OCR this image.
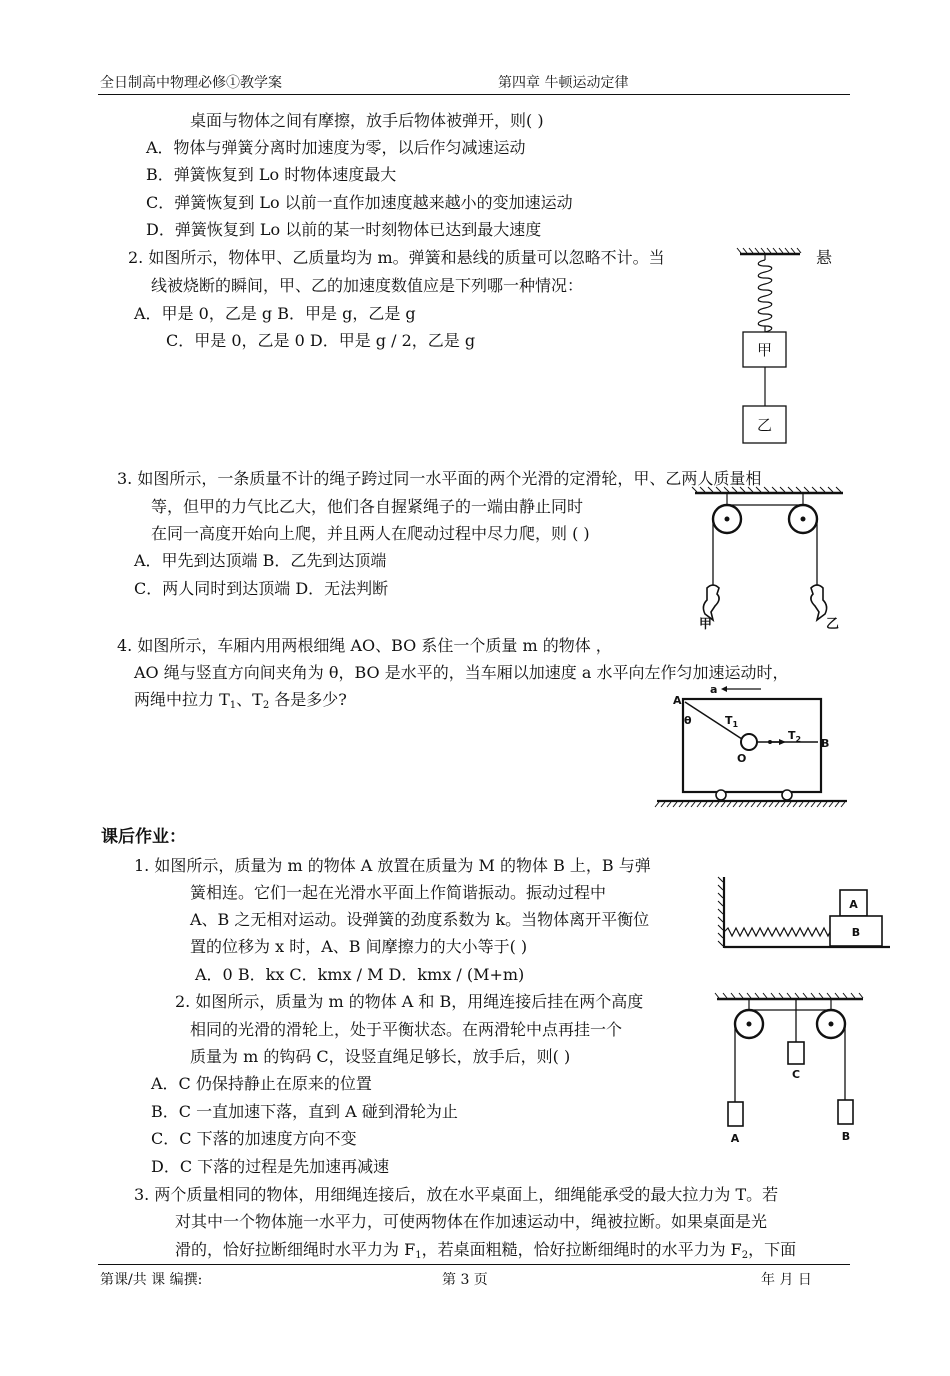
全日制高中物理必修①教学案	第四章 牛顿运动定律
桌面与物体之间有摩擦，放手后物体被弹开，则( )
A．物体与弹簧分离时加速度为零，以后作匀减速运动
B．弹簧恢复到 Lo 时物体速度最大
C．弹簧恢复到 Lo 以前一直作加速度越来越小的变加速运动
D．弹簧恢复到 Lo 以前的某一时刻物体已达到最大速度
2. 如图所示，物体甲、乙质量均为 m。弹簧和悬线的质量可以忽略不计。当	悬
线被烧断的瞬间，甲、乙的加速度数值应是下列哪一种情况：
A．甲是 0，乙是 g B．甲是 g，乙是 g
C．甲是 0，乙是 0 D．甲是 g / 2，乙是 g	甲
乙
3. 如图所示，一条质量不计的绳子跨过同一水平面的两个光滑的定滑轮，甲、乙两人质量相
等，但甲的力气比乙大，他们各自握紧绳子的一端由静止同时
在同一高度开始向上爬，并且两人在爬动过程中尽力爬，则 ( )
A．甲先到达顶端 B．乙先到达顶端
C．两人同时到达顶端 D．无法判断
甲	乙
4. 如图所示，车厢内用两根细绳 AO、BO 系住一个质量 m 的物体 ，
AO 绳与竖直方向间夹角为 θ，BO 是水平的，当车厢以加速度 a 水平向左作匀加速运动时，
两绳中拉力 $T_1$、$T_2$ 各是多少?	A
a
θ	$T_1$
$T_2$ B
O
课后作业：
1. 如图所示，质量为 m 的物体 A 放置在质量为 M 的物体 B 上，B 与弹
簧相连。它们一起在光滑水平面上作简谐振动。振动过程中
A、B 之无相对运动。设弹簧的劲度系数为 k。当物体离开平衡位
置的位移为 x 时，A、B 间摩擦力的大小等于( )
A．0 B．kx C．kmx / M D．kmx / (M+m)
A
B
2. 如图所示，质量为 m 的物体 A 和 B，用绳连接后挂在两个高度
相同的光滑的滑轮上，处于平衡状态。在两滑轮中点再挂一个
质量为 m 的钩码 C，设竖直绳足够长，放手后，则( )
A．C 仍保持静止在原来的位置
B．C 一直加速下落，直到 A 碰到滑轮为止
C．C 下落的加速度方向不变
D．C 下落的过程是先加速再减速
C
A	B
3. 两个质量相同的物体，用细绳连接后，放在水平桌面上，细绳能承受的最大拉力为 T。若
对其中一个物体施一水平力，可使两物体在作加速运动中，绳被拉断。如果桌面是光
滑的，恰好拉断细绳时水平力为 $F_1$，若桌面粗糙，恰好拉断细绳时的水平力为 $F_2$，下面
第课/共 课 编撰:	第 3 页	年 月 日
